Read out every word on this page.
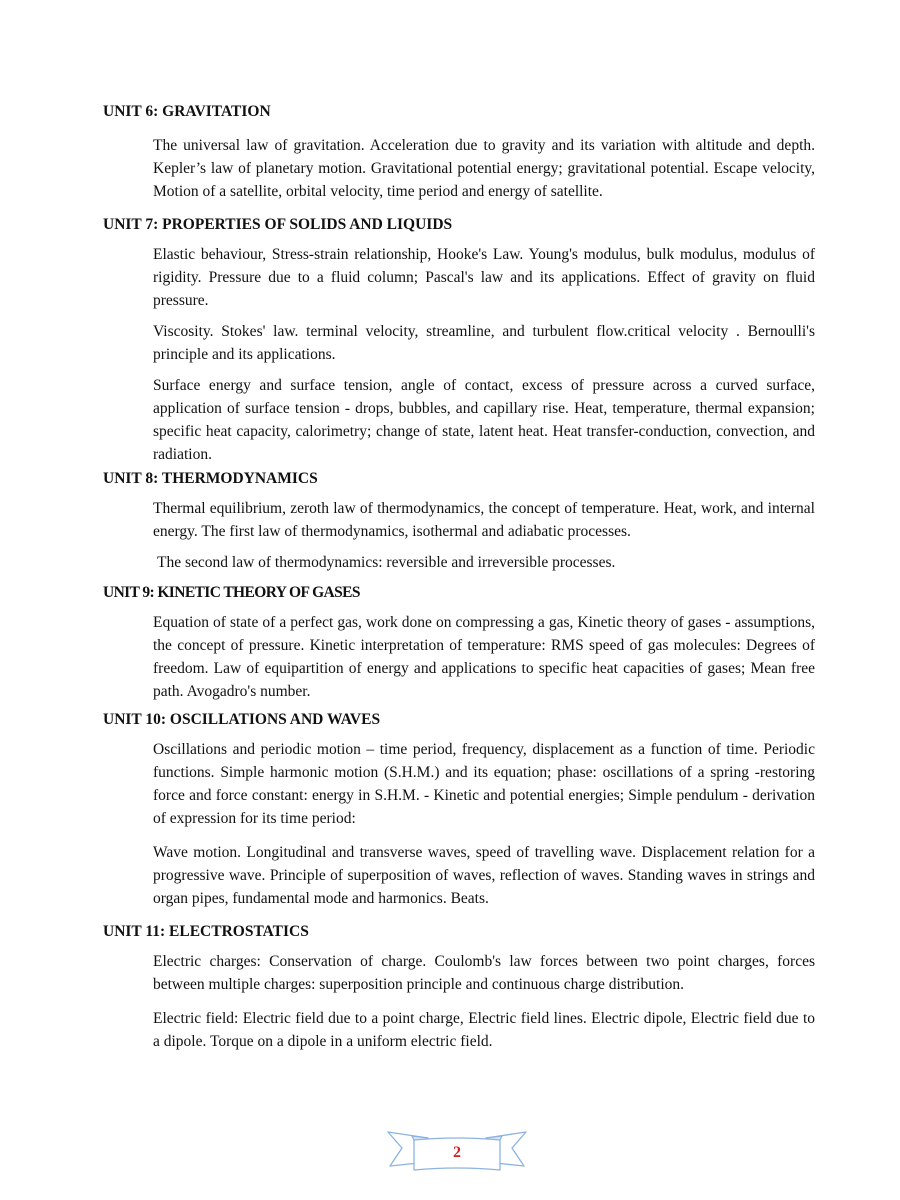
UNIT 6: GRAVITATION

The universal law of gravitation. Acceleration due to gravity and its variation with altitude and depth. Kepler’s law of planetary motion. Gravitational potential energy; gravitational potential. Escape velocity, Motion of a satellite, orbital velocity, time period and energy of satellite.

UNIT 7: PROPERTIES OF SOLIDS AND LIQUIDS

Elastic behaviour, Stress-strain relationship, Hooke's Law. Young's modulus, bulk modulus, modulus of rigidity. Pressure due to a fluid column; Pascal's law and its applications. Effect of gravity on fluid pressure.

Viscosity. Stokes' law. terminal velocity, streamline, and turbulent flow.critical velocity . Bernoulli's principle and its applications.

Surface energy and surface tension, angle of contact, excess of pressure across a curved surface, application of surface tension - drops, bubbles, and capillary rise. Heat, temperature, thermal expansion; specific heat capacity, calorimetry; change of state, latent heat. Heat transfer-conduction, convection, and radiation.

UNIT 8: THERMODYNAMICS

Thermal equilibrium, zeroth law of thermodynamics, the concept of temperature. Heat, work, and internal energy. The first law of thermodynamics, isothermal and adiabatic processes.

The second law of thermodynamics: reversible and irreversible processes.

UNIT 9: KINETIC THEORY OF GASES

Equation of state of a perfect gas, work done on compressing a gas, Kinetic theory of gases - assumptions, the concept of pressure. Kinetic interpretation of temperature: RMS speed of gas molecules: Degrees of freedom. Law of equipartition of energy and applications to specific heat capacities of gases; Mean free path. Avogadro's number.

UNIT 10: OSCILLATIONS AND WAVES

Oscillations and periodic motion – time period, frequency, displacement as a function of time. Periodic functions. Simple harmonic motion (S.H.M.) and its equation; phase: oscillations of a spring -restoring force and force constant: energy in S.H.M. - Kinetic and potential energies; Simple pendulum - derivation of expression for its time period:

Wave motion. Longitudinal and transverse waves, speed of travelling wave. Displacement relation for a progressive wave. Principle of superposition of waves, reflection of waves. Standing waves in strings and organ pipes, fundamental mode and harmonics. Beats.

UNIT 11: ELECTROSTATICS

Electric charges: Conservation of charge. Coulomb's law forces between two point charges, forces between multiple charges: superposition principle and continuous charge distribution.

Electric field: Electric field due to a point charge, Electric field lines. Electric dipole, Electric field due to a dipole. Torque on a dipole in a uniform electric field.

2
